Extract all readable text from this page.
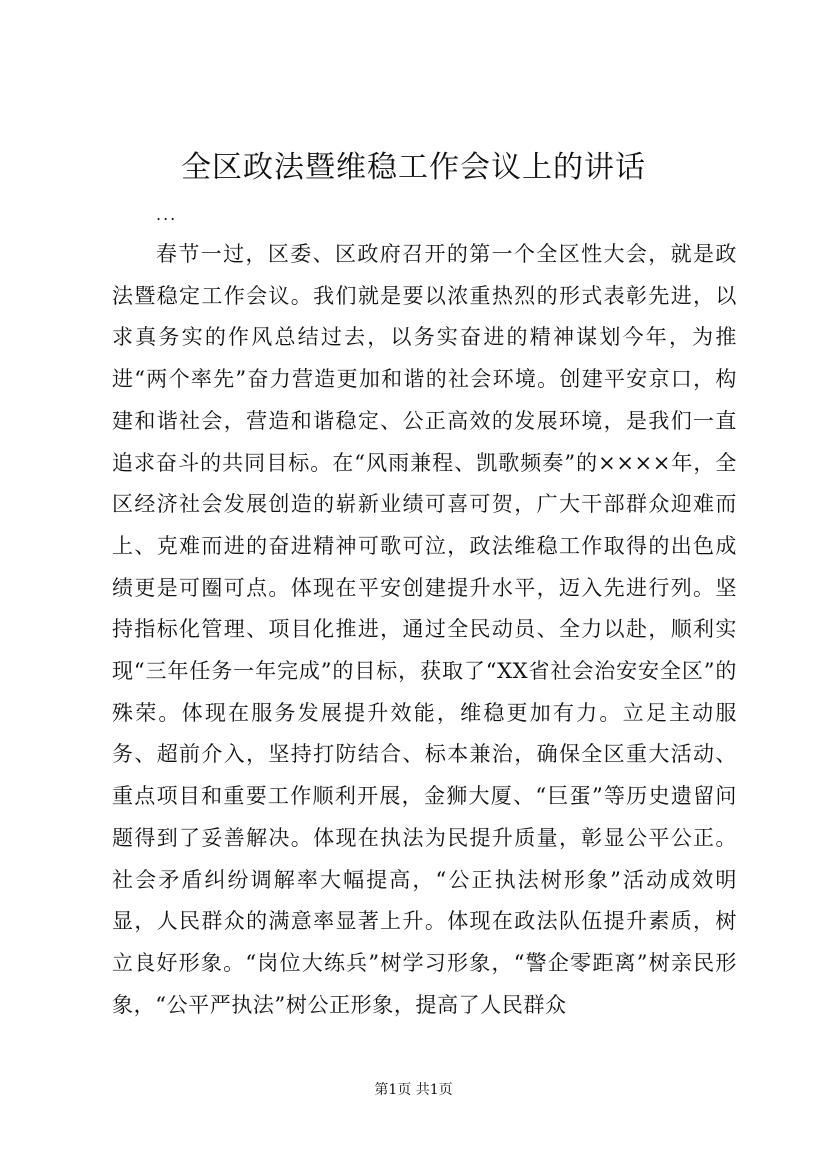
全区政法暨维稳工作会议上的讲话
...

春节一过，区委、区政府召开的第一个全区性大会，就是政法暨稳定工作会议。我们就是要以浓重热烈的形式表彰先进，以求真务实的作风总结过去，以务实奋进的精神谋划今年，为推进“两个率先”奋力营造更加和谐的社会环境。创建平安京口，构建和谐社会，营造和谐稳定、公正高效的发展环境，是我们一直追求奋斗的共同目标。在“风雨兼程、凯歌频奏”的××××年，全区经济社会发展创造的崭新业绩可喜可贺，广大干部群众迎难而上、克难而进的奋进精神可歌可泣，政法维稳工作取得的出色成绩更是可圈可点。体现在平安创建提升水平，迈入先进行列。坚持指标化管理、项目化推进，通过全民动员、全力以赴，顺利实现“三年任务一年完成”的目标，获取了“XX省社会治安安全区”的殊荣。体现在服务发展提升效能，维稳更加有力。立足主动服务、超前介入，坚持打防结合、标本兼治，确保全区重大活动、重点项目和重要工作顺利开展，金狮大厦、“巨蛋”等历史遗留问题得到了妥善解决。体现在执法为民提升质量，彰显公平公正。社会矛盾纠纷调解率大幅提高，“公正执法树形象”活动成效明显，人民群众的满意率显著上升。体现在政法队伍提升素质，树立良好形象。“岗位大练兵”树学习形象，“警企零距离”树亲民形象，“公平严执法”树公正形象，提高了人民群众

第1页 共1页
